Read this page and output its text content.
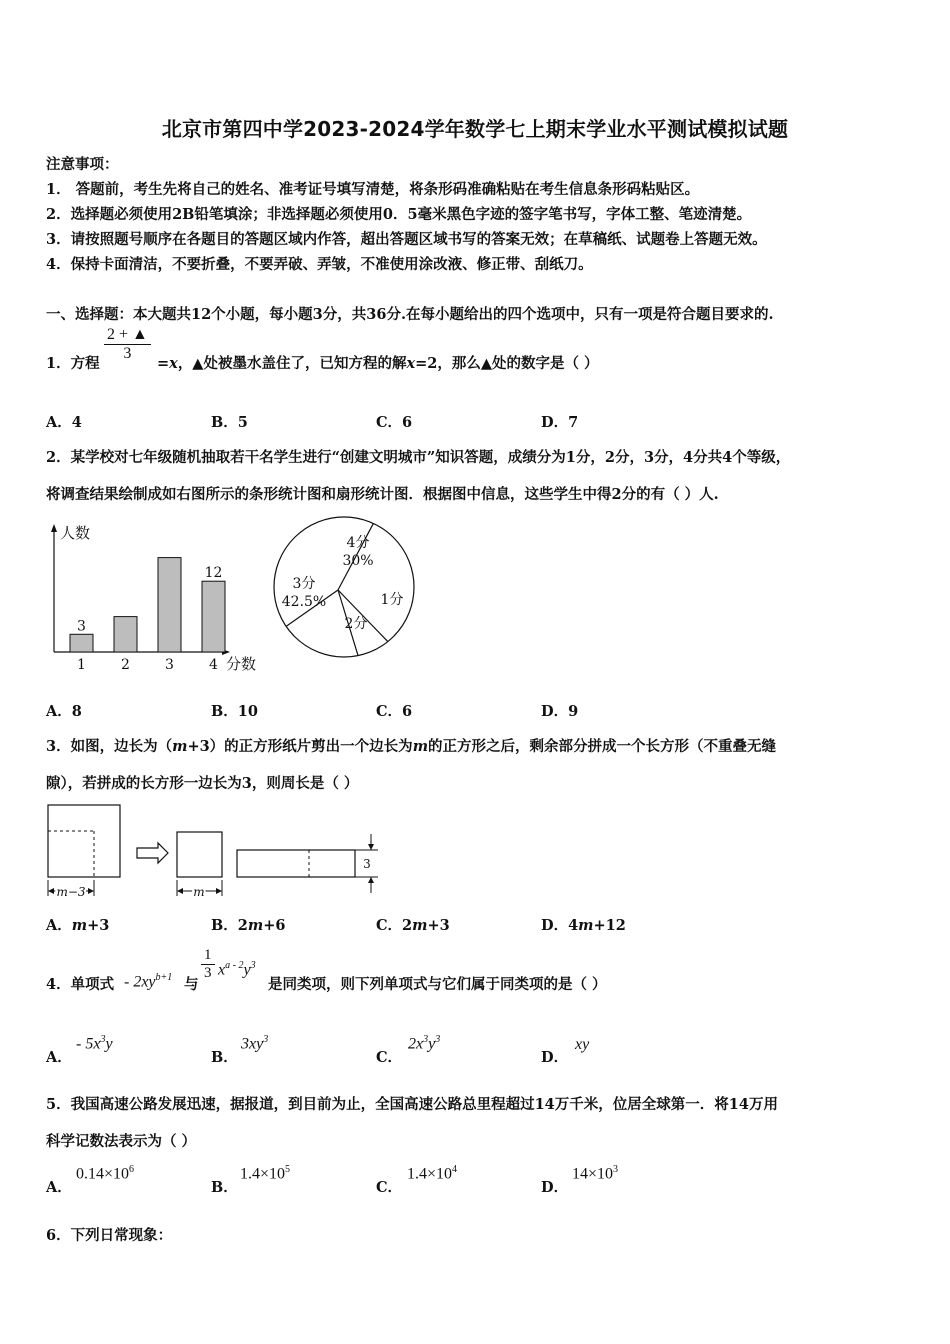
北京市第四中学2023-2024学年数学七上期末学业水平测试模拟试题
注意事项：
1． 答题前，考生先将自己的姓名、准考证号填写清楚，将条形码准确粘贴在考生信息条形码粘贴区。
2．选择题必须使用2B铅笔填涂；非选择题必须使用0．5毫米黑色字迹的签字笔书写，字体工整、笔迹清楚。
3．请按照题号顺序在各题目的答题区域内作答，超出答题区域书写的答案无效；在草稿纸、试题卷上答题无效。
4．保持卡面清洁，不要折叠，不要弄破、弄皱，不准使用涂改液、修正带、刮纸刀。
一、选择题：本大题共12个小题，每小题3分，共36分.在每小题给出的四个选项中，只有一项是符合题目要求的.
1．方程
$\frac{2 + ▲}{3}$
=x，▲处被墨水盖住了，已知方程的解x=2，那么▲处的数字是（ ）
A．4	B．5	C．6	D．7
2．某学校对七年级随机抽取若干名学生进行“创建文明城市”知识答题，成绩分为1分，2分，3分，4分共4个等级，
将调查结果绘制成如右图所示的条形统计图和扇形统计图．根据图中信息，这些学生中得2分的有（ ）人.
人数
分数
1
3
2	3	4
12
4分
30%
1分
2分
3分
42.5%
A．8	B．10	C．6	D．9
3．如图，边长为（m+3）的正方形纸片剪出一个边长为m的正方形之后，剩余部分拼成一个长方形（不重叠无缝
隙），若拼成的长方形一边长为3，则周长是（ ）
m−3	m
3
A．m+3	B．2m+6	C．2m+3	D．4m+12
4．单项式 - $2xy^{b+1}$ 与
$\frac{1}{3} x^{a - 2}y^3$
是同类项，则下列单项式与它们属于同类项的是（ ）
A．
- $5x^3y$
B．
$3xy^3$
C．
$2x^3y^3$
D．
xy
5．我国高速公路发展迅速，据报道，到目前为止，全国高速公路总里程超过14万千米，位居全球第一．将14万用
科学记数法表示为（ ）
A．
$0.14\times 10^6$
B．
$1.4\times 10^5$
C．
$1.4\times 10^4$
D．
$14\times 10^3$
6．下列日常现象：
